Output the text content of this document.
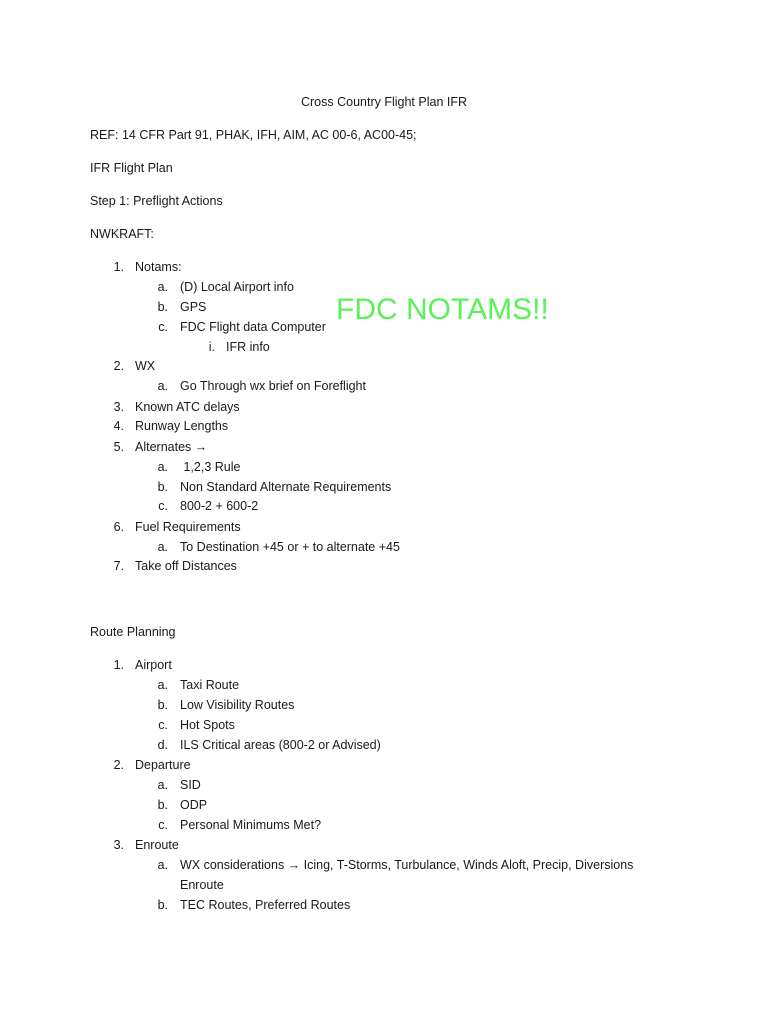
Cross Country Flight Plan IFR
REF: 14 CFR Part 91, PHAK, IFH, AIM, AC 00-6, AC00-45;
IFR Flight Plan
Step 1: Preflight Actions
NWKRAFT:
1. Notams:
a. (D) Local Airport info
b. GPS
c. FDC Flight data Computer
i. IFR info
2. WX
a. Go Through wx brief on Foreflight
3. Known ATC delays
4. Runway Lengths
5. Alternates →
a. 1,2,3 Rule
b. Non Standard Alternate Requirements
c. 800-2 + 600-2
6. Fuel Requirements
a. To Destination +45 or + to alternate +45
7. Take off Distances
FDC NOTAMS!!
Route Planning
1. Airport
a. Taxi Route
b. Low Visibility Routes
c. Hot Spots
d. ILS Critical areas (800-2 or Advised)
2. Departure
a. SID
b. ODP
c. Personal Minimums Met?
3. Enroute
a. WX considerations → Icing, T-Storms, Turbulance, Winds Aloft, Precip, Diversions
Enroute
b. TEC Routes, Preferred Routes
